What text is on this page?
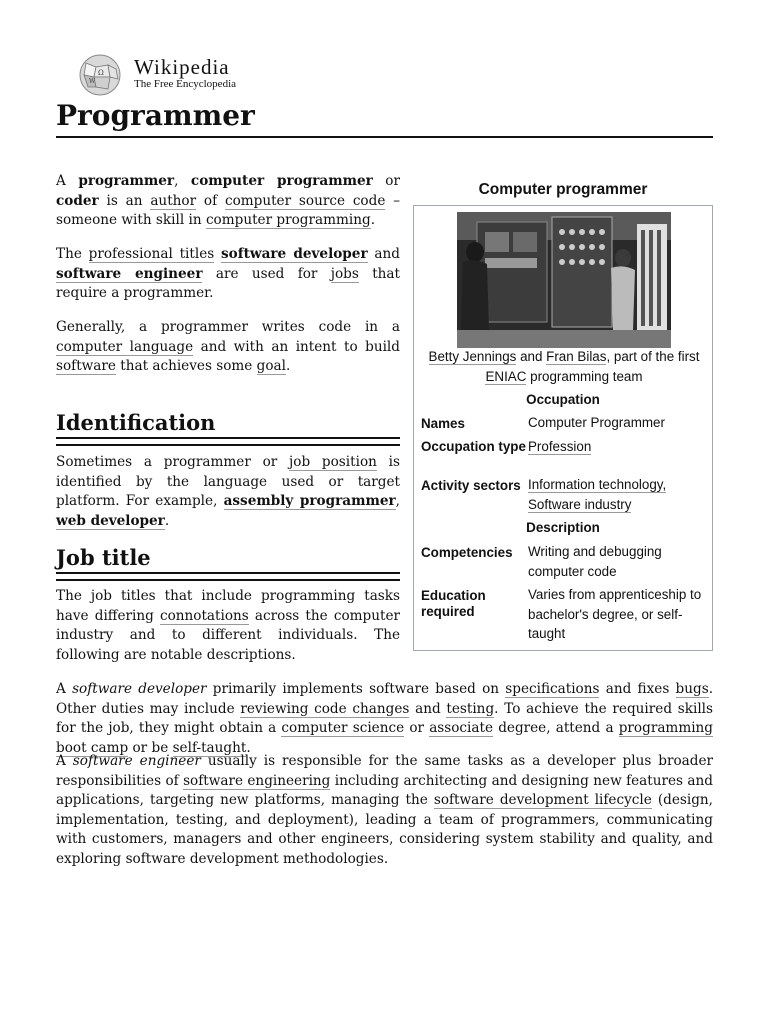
Ω
W
Wikipedia
The Free Encyclopedia
Programmer

A programmer, computer programmer or coder is an author of computer source code – someone with skill in computer programming.

The professional titles software developer and software engineer are used for jobs that require a programmer.

Generally, a programmer writes code in a computer language and with an intent to build software that achieves some goal.

Identification

Sometimes a programmer or job position is identified by the language used or target platform. For example, assembly programmer, web developer.

Job title

The job titles that include programming tasks have differing connotations across the computer industry and to different individuals. The following are notable descriptions.

A software developer primarily implements software based on specifications and fixes bugs. Other duties may include reviewing code changes and testing. To achieve the required skills for the job, they might obtain a computer science or associate degree, attend a programming boot camp or be self-taught.

A software engineer usually is responsible for the same tasks as a developer plus broader responsibilities of software engineering including architecting and designing new features and applications, targeting new platforms, managing the software development lifecycle (design, implementation, testing, and deployment), leading a team of programmers, communicating with customers, managers and other engineers, considering system stability and quality, and exploring software development methodologies.

Computer programmer
Betty Jennings and Fran Bilas, part of the first ENIAC programming team
Occupation
Names	Computer Programmer
Occupation type Profession
Activity sectors Information technology,
Software industry
Description
Competencies	Writing and debugging computer code
Education required
Varies from apprenticeship to bachelor's degree, or self-taught
